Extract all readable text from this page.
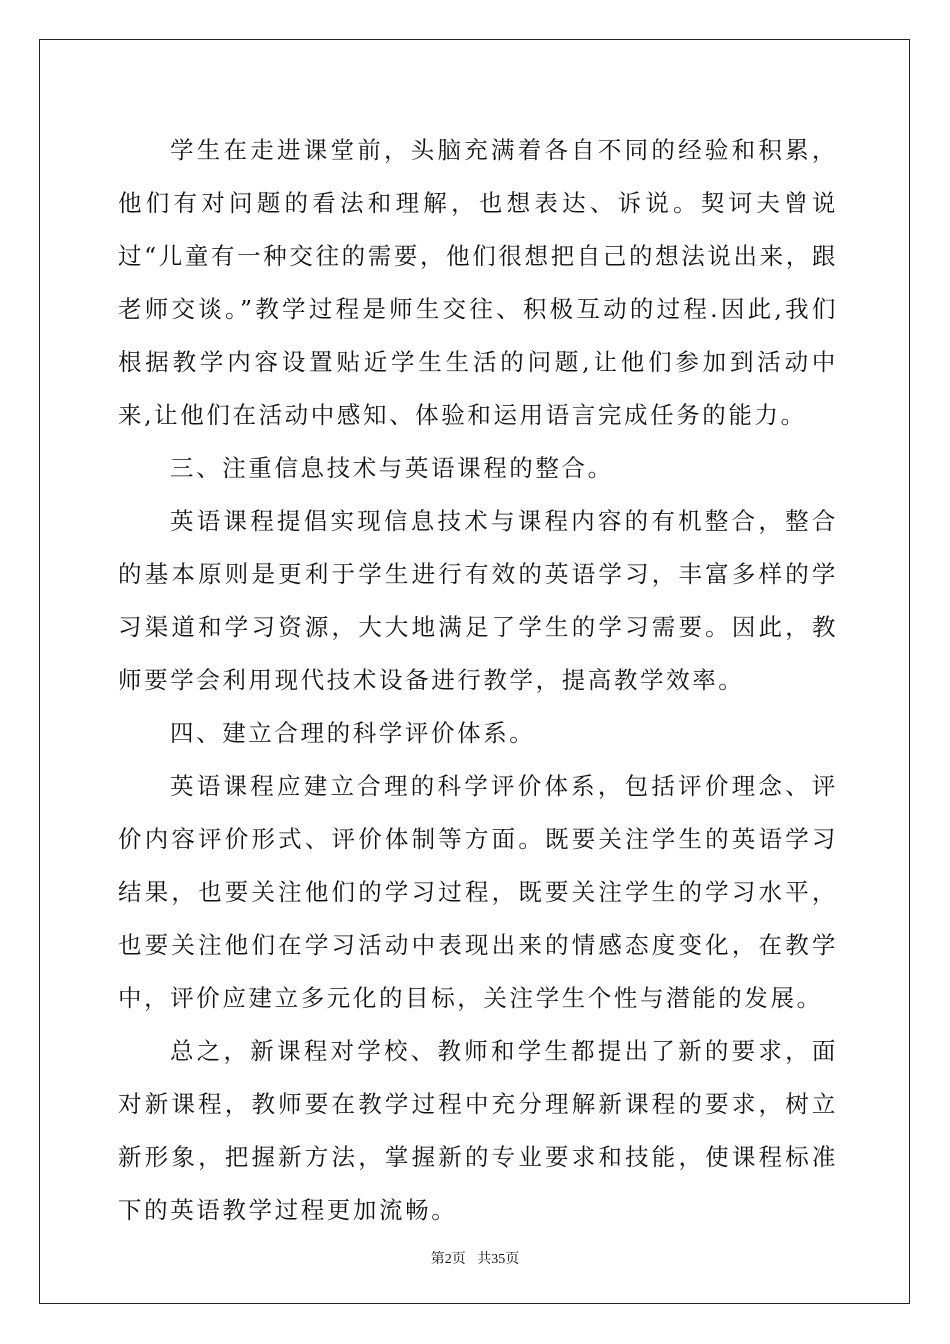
学生在走进课堂前，头脑充满着各自不同的经验和积累，他们有对问题的看法和理解，也想表达、诉说。契诃夫曾说过“儿童有一种交往的需要，他们很想把自己的想法说出来，跟老师交谈。”教学过程是师生交往、积极互动的过程.因此,我们根据教学内容设置贴近学生生活的问题,让他们参加到活动中来,让他们在活动中感知、体验和运用语言完成任务的能力。

三、注重信息技术与英语课程的整合。

英语课程提倡实现信息技术与课程内容的有机整合，整合的基本原则是更利于学生进行有效的英语学习，丰富多样的学习渠道和学习资源，大大地满足了学生的学习需要。因此，教师要学会利用现代技术设备进行教学，提高教学效率。

四、建立合理的科学评价体系。

英语课程应建立合理的科学评价体系，包括评价理念、评价内容评价形式、评价体制等方面。既要关注学生的英语学习结果，也要关注他们的学习过程，既要关注学生的学习水平，也要关注他们在学习活动中表现出来的情感态度变化，在教学中，评价应建立多元化的目标，关注学生个性与潜能的发展。

总之，新课程对学校、教师和学生都提出了新的要求，面对新课程，教师要在教学过程中充分理解新课程的要求，树立新形象，把握新方法，掌握新的专业要求和技能，使课程标准下的英语教学过程更加流畅。

第2页 共35页
